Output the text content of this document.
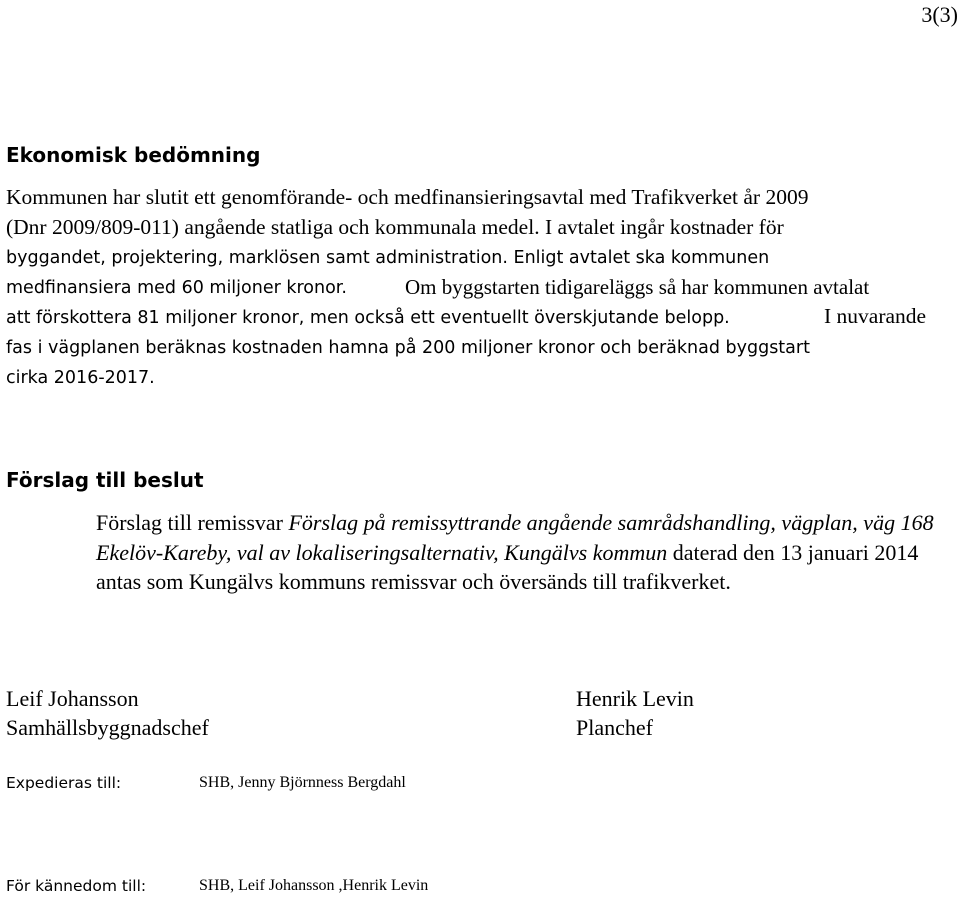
3(3)
Ekonomisk bedömning

Kommunen har slutit ett genomförande- och medfinansieringsavtal med Trafikverket år 2009

(Dnr 2009/809-011) angående statliga och kommunala medel. I avtalet ingår kostnader för

byggandet, projektering, marklösen samt administration. Enligt avtalet ska kommunen

medfinansiera med 60 miljoner kronor.	Om byggstarten tidigareläggs så har kommunen avtalat

att förskottera 81 miljoner kronor, men också ett eventuellt överskjutande belopp.	I nuvarande

fas i vägplanen beräknas kostnaden hamna på 200 miljoner kronor och beräknad byggstart

cirka 2016-2017.

Förslag till beslut

Förslag till remissvar Förslag på remissyttrande angående samrådshandling, vägplan, väg 168

Ekelöv-Kareby, val av lokaliseringsalternativ, Kungälvs kommun daterad den 13 januari 2014

antas som Kungälvs kommuns remissvar och översänds till trafikverket.

Leif Johansson
Samhällsbyggnadschef
Henrik Levin
Planchef
Expedieras till:	SHB, Jenny Björnness Bergdahl
För kännedom till:	SHB, Leif Johansson ,Henrik Levin
